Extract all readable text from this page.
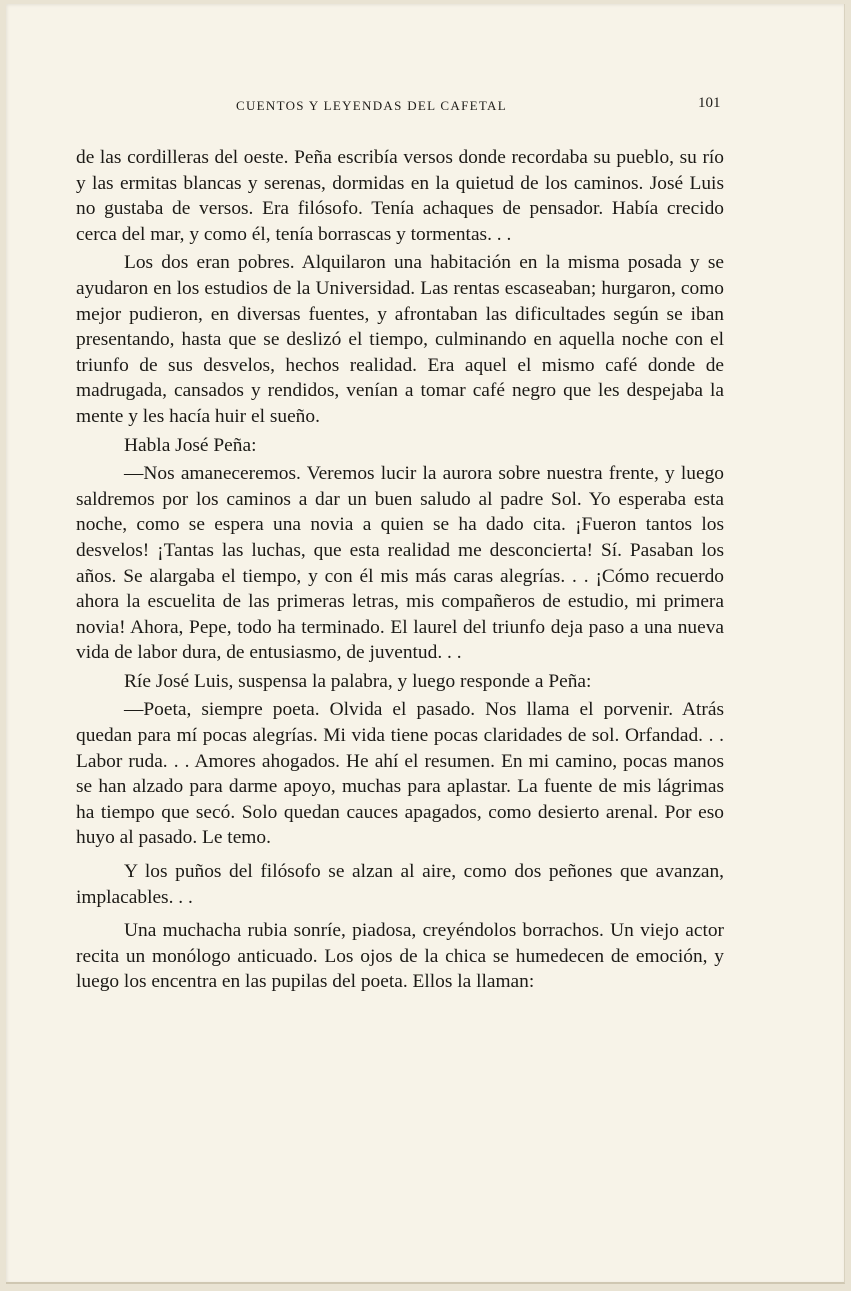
CUENTOS Y LEYENDAS DEL CAFETAL	101

de las cordilleras del oeste. Peña escribía versos donde recordaba su pueblo, su río y las ermitas blancas y serenas, dormidas en la quietud de los caminos. José Luis no gustaba de versos. Era filósofo. Tenía achaques de pensador. Había crecido cerca del mar, y como él, tenía borrascas y tormentas. . .

Los dos eran pobres. Alquilaron una habitación en la misma posada y se ayudaron en los estudios de la Universidad. Las rentas escaseaban; hurgaron, como mejor pudieron, en diversas fuentes, y afrontaban las dificultades según se iban presentando, hasta que se deslizó el tiempo, culminando en aquella noche con el triunfo de sus desvelos, hechos realidad. Era aquel el mismo café donde de madrugada, cansados y rendidos, venían a tomar café negro que les despejaba la mente y les hacía huir el sueño.

Habla José Peña:

—Nos amaneceremos. Veremos lucir la aurora sobre nuestra frente, y luego saldremos por los caminos a dar un buen saludo al padre Sol. Yo esperaba esta noche, como se espera una novia a quien se ha dado cita. ¡Fueron tantos los desvelos! ¡Tantas las luchas, que esta realidad me desconcierta! Sí. Pasaban los años. Se alargaba el tiempo, y con él mis más caras alegrías. . . ¡Cómo recuerdo ahora la escuelita de las primeras letras, mis compañeros de estudio, mi primera novia! Ahora, Pepe, todo ha terminado. El laurel del triunfo deja paso a una nueva vida de labor dura, de entusiasmo, de juventud. . .

Ríe José Luis, suspensa la palabra, y luego responde a Peña:

—Poeta, siempre poeta. Olvida el pasado. Nos llama el porvenir. Atrás quedan para mí pocas alegrías. Mi vida tiene pocas claridades de sol. Orfandad. . . Labor ruda. . . Amores ahogados. He ahí el resumen. En mi camino, pocas manos se han alzado para darme apoyo, muchas para aplastar. La fuente de mis lágrimas ha tiempo que secó. Solo quedan cauces apagados, como desierto arenal. Por eso huyo al pasado. Le temo.

Y los puños del filósofo se alzan al aire, como dos peñones que avanzan, implacables. . .

Una muchacha rubia sonríe, piadosa, creyéndolos borrachos. Un viejo actor recita un monólogo anticuado. Los ojos de la chica se humedecen de emoción, y luego los encentra en las pupilas del poeta. Ellos la llaman:
